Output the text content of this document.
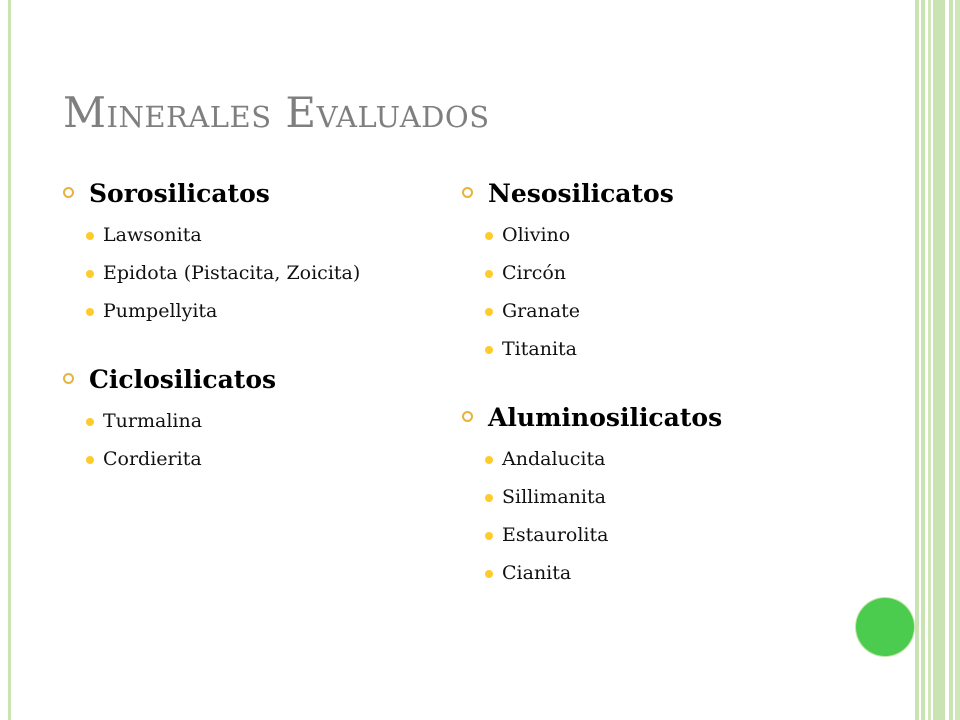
Minerales Evaluados
Sorosilicatos
Lawsonita
Epidota (Pistacita, Zoicita)
Pumpellyita
Ciclosilicatos
Turmalina
Cordierita
Nesosilicatos
Olivino
Circón
Granate
Titanita
Aluminosilicatos
Andalucita
Sillimanita
Estaurolita
Cianita
